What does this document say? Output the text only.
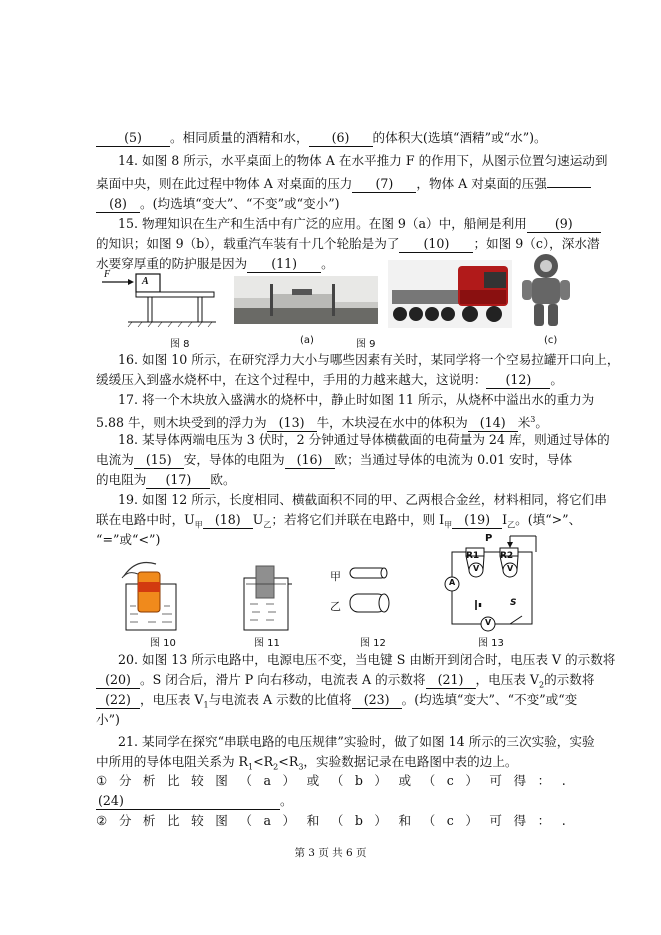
(5) 。相同质量的酒精和水， (6) 的体积大(选填“酒精”或“水”)。
14. 如图 8 所示，水平桌面上的物体 A 在水平推力 F 的作用下，从图示位置匀速运动到
桌面中央，则在此过程中物体 A 对桌面的压力 (7) ，物体 A 对桌面的压强
(8) 。(均选填“变大”、“不变”或“变小”)
15. 物理知识在生产和生活中有广泛的应用。在图 9（a）中，船闸是利用 (9)
的知识；如图 9（b），载重汽车装有十几个轮胎是为了 (10) ；如图 9（c），深水潜
水要穿厚重的防护服是因为 (11) 。
F
A
图 8	(a)	图 9	(c)
16. 如图 10 所示，在研究浮力大小与哪些因素有关时，某同学将一个空易拉罐开口向上，
缓缓压入到盛水烧杯中，在这个过程中，手用的力越来越大，这说明： (12) 。
17. 将一个木块放入盛满水的烧杯中，静止时如图 11 所示，从烧杯中溢出水的重力为
5.88 牛，则木块受到的浮力为 (13) 牛，木块浸在水中的体积为 (14) 米$^3$。
18. 某导体两端电压为 3 伏时，2 分钟通过导体横截面的电荷量为 24 库，则通过导体的
电流为 (15) 安，导体的电阻为 (16) 欧；当通过导体的电流为 0.01 安时，导体
的电阻为 (17) 欧。
19. 如图 12 所示，长度相同、横截面积不同的甲、乙两根合金丝，材料相同，将它们串
联在电路中时，$U_甲$ (18) $U_乙$；若将它们并联在电路中，则 $I_甲$ (19) $I_乙$。(填“>”、
“=”或“<”)
图 10	图 11
甲
乙
图 12
P
R1 R2
V	V
A
V
S
图 13
20. 如图 13 所示电路中，电源电压不变，当电键 S 由断开到闭合时，电压表 V 的示数将
(20) 。S 闭合后，滑片 P 向右移动，电流表 A 的示数将 (21) ，电压表 $V_2$的示数将
(22) ，电压表 $V_1$与电流表 A 示数的比值将 (23) 。(均选填“变大”、“不变”或“变
小”)
21. 某同学在探究“串联电路的电压规律”实验时，做了如图 14 所示的三次实验，实验
中所用的导体电阻关系为 $R_1<R_2<R_3$，实验数据记录在电路图中表的边上。
① 分 析 比 较 图 （ a ） 或 （ b ） 或 （ c ） 可 得 ： .
(24)	。
② 分 析 比 较 图 （ a ） 和 （ b ） 和 （ c ） 可 得 ： .
第 3 页 共 6 页
